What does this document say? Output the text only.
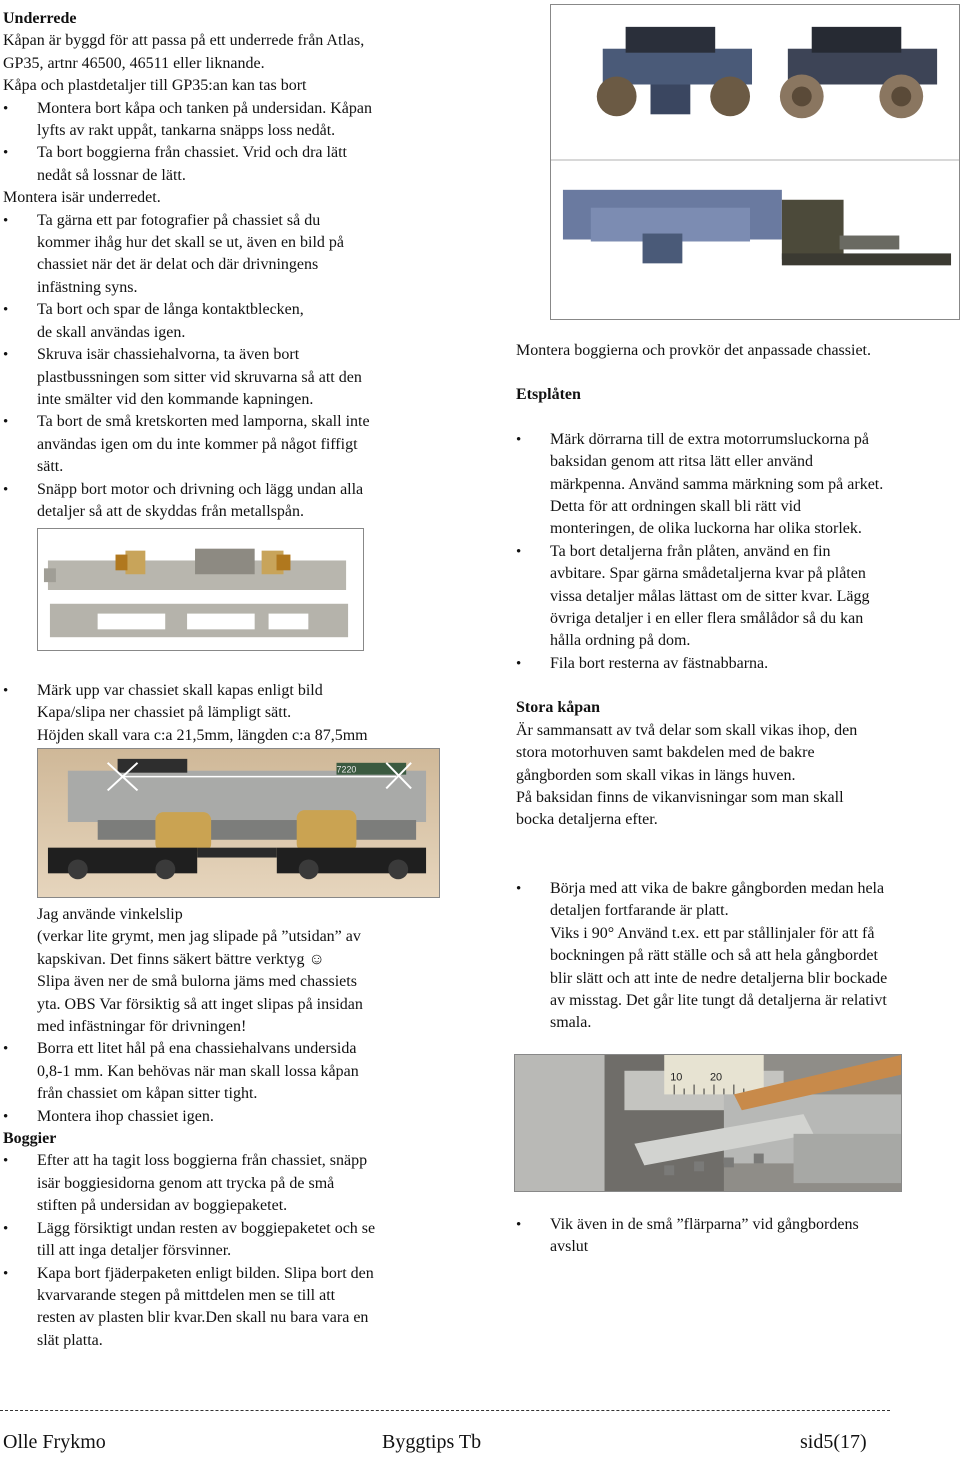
Underrede

Kåpan är byggd för att passa på ett underrede från Atlas,

GP35, artnr 46500, 46511 eller liknande.

Kåpa och plastdetaljer till GP35:an kan tas bort

• Montera bort kåpa och tanken på undersidan. Kåpan
lyfts av rakt uppåt, tankarna snäpps loss nedåt.
• Ta bort boggierna från chassiet. Vrid och dra lätt
nedåt så lossnar de lätt.

Montera isär underredet.

• Ta gärna ett par fotografier på chassiet så du
kommer ihåg hur det skall se ut, även en bild på
chassiet när det är delat och där drivningens
infästning syns.
• Ta bort och spar de långa kontaktblecken,
de skall användas igen.
• Skruva isär chassiehalvorna, ta även bort
plastbussningen som sitter vid skruvarna så att den
inte smälter vid den kommande kapningen.
• Ta bort de små kretskorten med lamporna, skall inte
användas igen om du inte kommer på något fiffigt
sätt.
• Snäpp bort motor och drivning och lägg undan alla
detaljer så att de skyddas från metallspån.
• Märk upp var chassiet skall kapas enligt bild
Kapa/slipa ner chassiet på lämpligt sätt.
Höjden skall vara c:a 21,5mm, längden c:a 87,5mm
7220
Jag använde vinkelslip
(verkar lite grymt, men jag slipade på ”utsidan” av
kapskivan. Det finns säkert bättre verktyg ☺
Slipa även ner de små bulorna jäms med chassiets
yta. OBS Var försiktig så att inget slipas på insidan
med infästningar för drivningen!
• Borra ett litet hål på ena chassiehalvans undersida
0,8-1 mm. Kan behövas när man skall lossa kåpan
från chassiet om kåpan sitter tight.
• Montera ihop chassiet igen.

Boggier

• Efter att ha tagit loss boggierna från chassiet, snäpp
isär boggiesidorna genom att trycka på de små
stiften på undersidan av boggiepaketet.
• Lägg försiktigt undan resten av boggiepaketet och se
till att inga detaljer försvinner.
• Kapa bort fjäderpaketen enligt bilden. Slipa bort den
kvarvarande stegen på mittdelen men se till att
resten av plasten blir kvar.Den skall nu bara vara en
slät platta.

Montera boggierna och provkör det anpassade chassiet.

Etsplåten

• Märk dörrarna till de extra motorrumsluckorna på
baksidan genom att ritsa lätt eller använd
märkpenna. Använd samma märkning som på arket.
Detta för att ordningen skall bli rätt vid
monteringen, de olika luckorna har olika storlek.
• Ta bort detaljerna från plåten, använd en fin
avbitare. Spar gärna smådetaljerna kvar på plåten
vissa detaljer målas lättast om de sitter kvar. Lägg
övriga detaljer i en eller flera smålådor så du kan
hålla ordning på dom.
• Fila bort resterna av fästnabbarna.

Stora kåpan

Är sammansatt av två delar som skall vikas ihop, den
stora motorhuven samt bakdelen med de bakre
gångborden som skall vikas in längs huven.
På baksidan finns de vikanvisningar som man skall
bocka detaljerna efter.
• Börja med att vika de bakre gångborden medan hela
detaljen fortfarande är platt.
Viks i 90° Använd t.ex. ett par stållinjaler för att få
bockningen på rätt ställe och så att hela gångbordet
blir slätt och att inte de nedre detaljerna blir bockade
av misstag. Det går lite tungt då detaljerna är relativt
smala.
10	20
• Vik även in de små ”flärparna” vid gångbordens
avslut
Olle Frykmo	Byggtips Tb	sid5(17)
